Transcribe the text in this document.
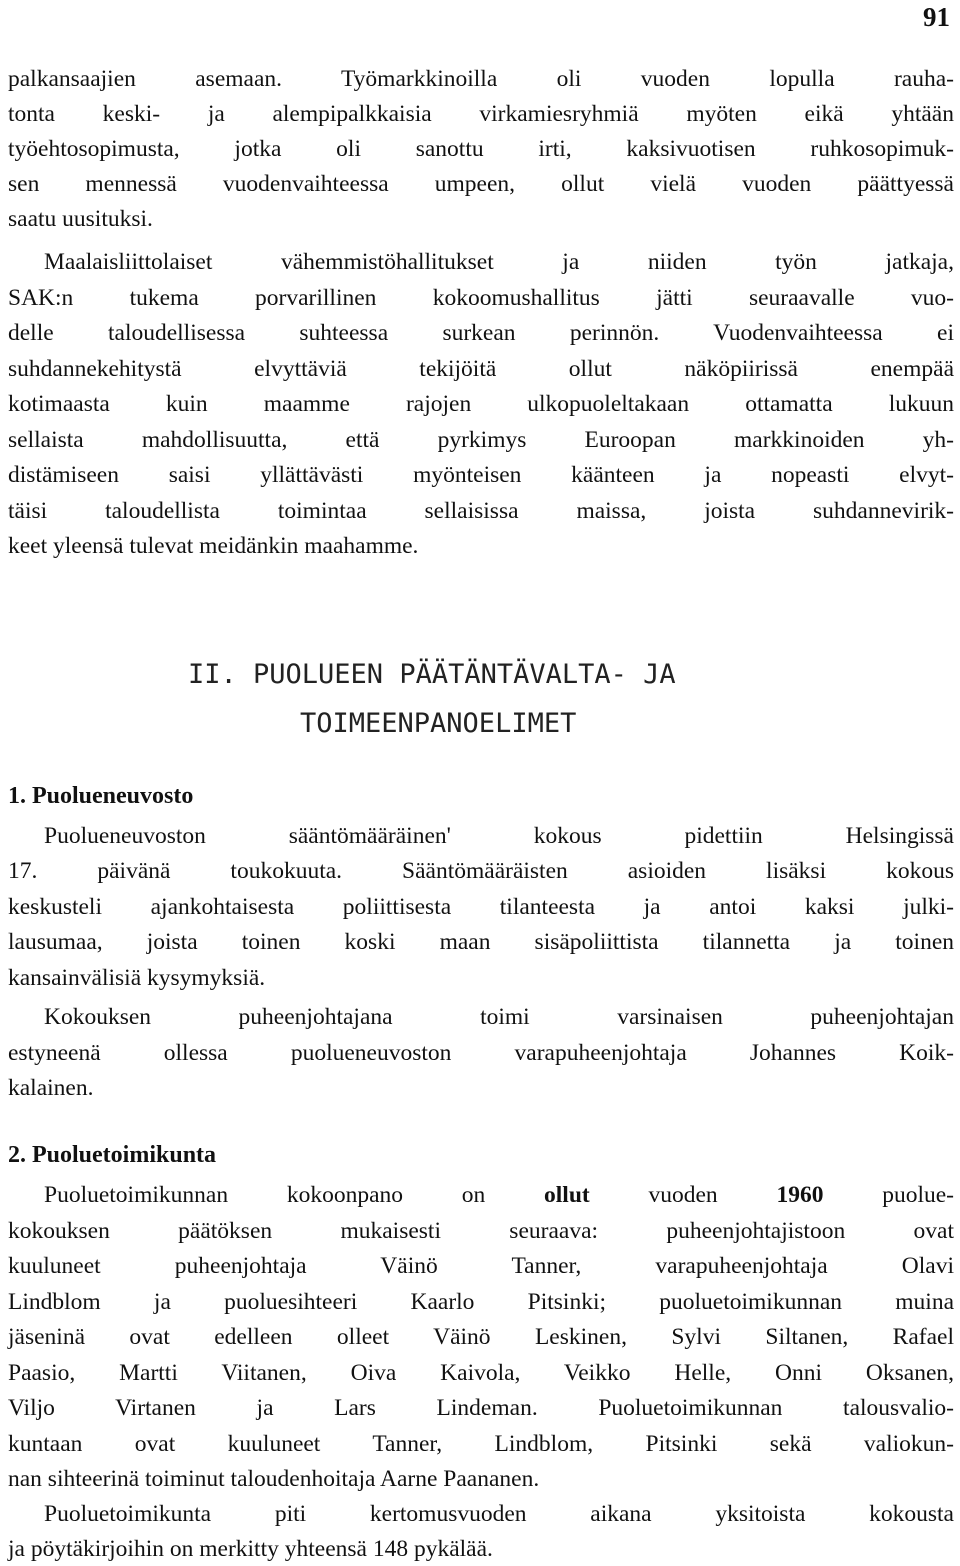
91
palkansaajien asemaan. Työmarkkinoilla oli vuoden lopulla rauha-
tonta keski- ja alempipalkkaisia virkamiesryhmiä myöten eikä yhtään
työehtosopimusta, jotka oli sanottu irti, kaksivuotisen ruhkosopimuk-
sen mennessä vuodenvaihteessa umpeen, ollut vielä vuoden päättyessä
saatu uusituksi.
Maalaisliittolaiset vähemmistöhallitukset ja niiden työn jatkaja,
SAK:n tukema porvarillinen kokoomushallitus jätti seuraavalle vuo-
delle taloudellisessa suhteessa surkean perinnön. Vuodenvaihteessa ei
suhdannekehitystä elvyttäviä tekijöitä ollut näköpiirissä enempää
kotimaasta kuin maamme rajojen ulkopuoleltakaan ottamatta lukuun
sellaista mahdollisuutta, että pyrkimys Euroopan markkinoiden yh-
distämiseen saisi yllättävästi myönteisen käänteen ja nopeasti elvyt-
täisi taloudellista toimintaa sellaisissa maissa, joista suhdannevirik-
keet yleensä tulevat meidänkin maahamme.
II. PUOLUEEN PÄÄTÄNTÄVALTA- JA
TOIMEENPANOELIMET
1. Puolueneuvosto
Puolueneuvoston sääntömääräinen' kokous pidettiin Helsingissä
17. päivänä toukokuuta. Sääntömääräisten asioiden lisäksi kokous
keskusteli ajankohtaisesta poliittisesta tilanteesta ja antoi kaksi julki-
lausumaa, joista toinen koski maan sisäpoliittista tilannetta ja toinen
kansainvälisiä kysymyksiä.
Kokouksen puheenjohtajana toimi varsinaisen puheenjohtajan
estyneenä ollessa puolueneuvoston varapuheenjohtaja Johannes Koik-
kalainen.
2. Puoluetoimikunta
Puoluetoimikunnan kokoonpano on ollut vuoden 1960 puolue-
kokouksen päätöksen mukaisesti seuraava: puheenjohtajistoon ovat
kuuluneet puheenjohtaja Väinö Tanner, varapuheenjohtaja Olavi
Lindblom ja puoluesihteeri Kaarlo Pitsinki; puoluetoimikunnan muina
jäseninä ovat edelleen olleet Väinö Leskinen, Sylvi Siltanen, Rafael
Paasio, Martti Viitanen, Oiva Kaivola, Veikko Helle, Onni Oksanen,
Viljo Virtanen ja Lars Lindeman. Puoluetoimikunnan talousvalio-
kuntaan ovat kuuluneet Tanner, Lindblom, Pitsinki sekä valiokun-
nan sihteerinä toiminut taloudenhoitaja Aarne Paananen.
Puoluetoimikunta piti kertomusvuoden aikana yksitoista kokousta
ja pöytäkirjoihin on merkitty yhteensä 148 pykälää.
